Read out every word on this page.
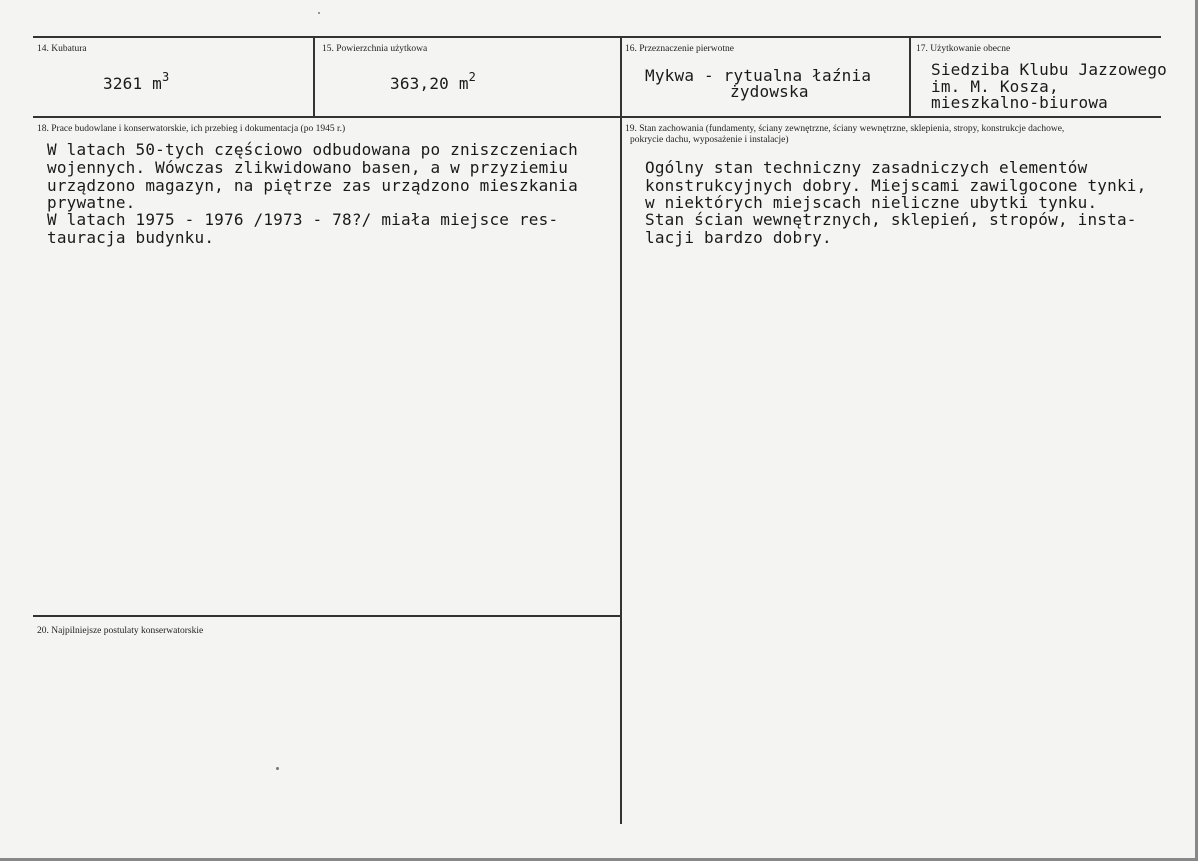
14. Kubatura
3261 $m^3$
15. Powierzchnia użytkowa
363,20 $m^2$
16. Przeznaczenie pierwotne
Mykwa - rytualna łaźnia
żydowska
17. Użytkowanie obecne
Siedziba Klubu Jazzowego
im. M. Kosza,
mieszkalno-biurowa
18. Prace budowlane i konserwatorskie, ich przebieg i dokumentacja (po 1945 r.)
W latach 50-tych częściowo odbudowana po zniszczeniach
wojennych. Wówczas zlikwidowano basen, a w przyziemiu
urządzono magazyn, na piętrze zas urządzono mieszkania
prywatne.
W latach 1975 - 1976 /1973 - 78?/ miała miejsce res-
tauracja budynku.
19. Stan zachowania (fundamenty, ściany zewnętrzne, ściany wewnętrzne, sklepienia, stropy, konstrukcje dachowe,
pokrycie dachu, wyposażenie i instalacje)
Ogólny stan techniczny zasadniczych elementów
konstrukcyjnych dobry. Miejscami zawilgocone tynki,
w niektórych miejscach nieliczne ubytki tynku.
Stan ścian wewnętrznych, sklepień, stropów, insta-
lacji bardzo dobry.
20. Najpilniejsze postulaty konserwatorskie
